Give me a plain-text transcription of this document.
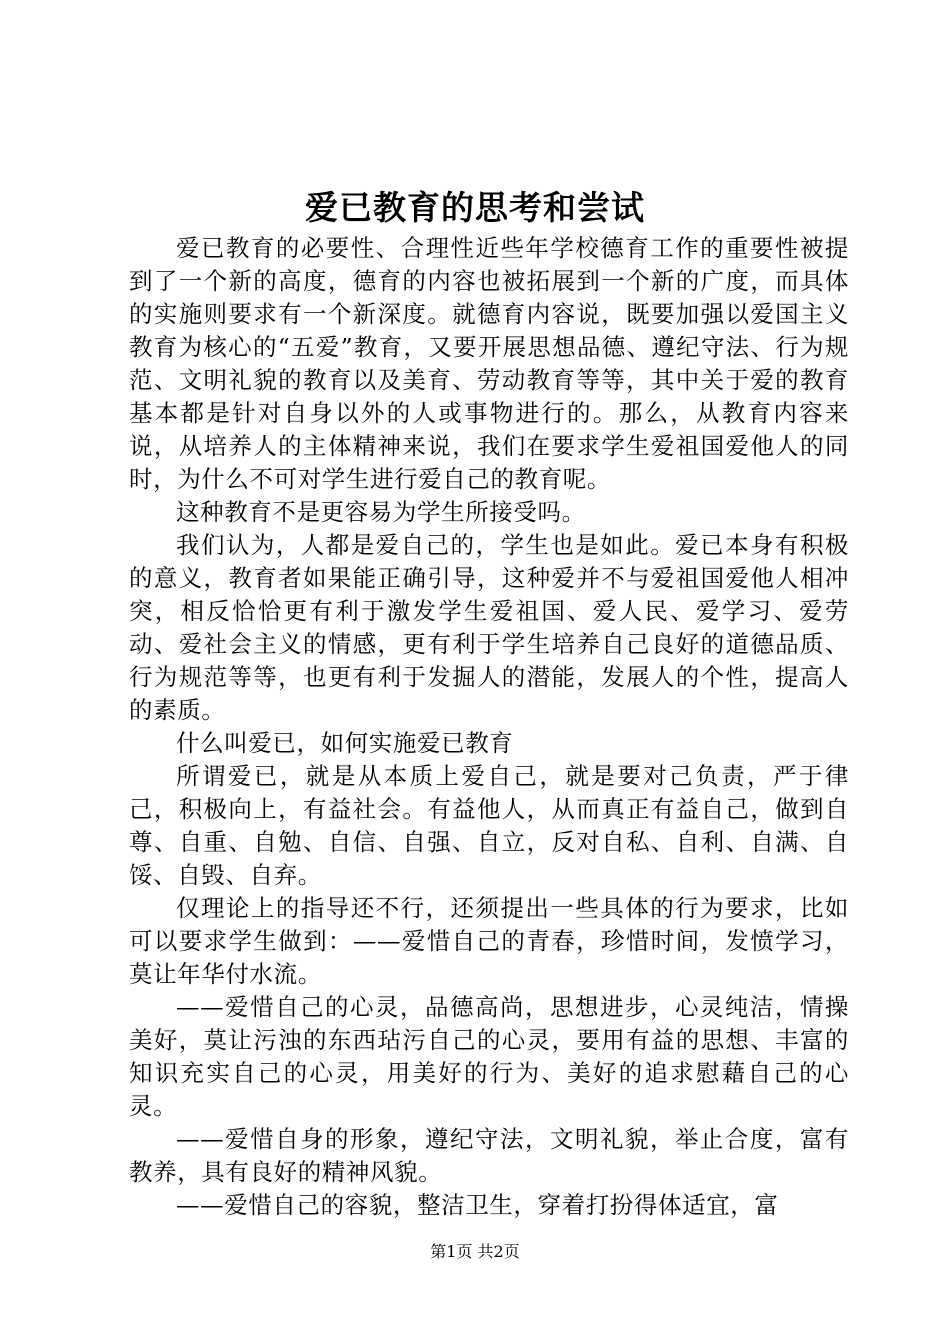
爱已教育的思考和尝试

爱已教育的必要性、合理性近些年学校德育工作的重要性被提到了一个新的高度，德育的内容也被拓展到一个新的广度，而具体的实施则要求有一个新深度。就德育内容说，既要加强以爱国主义教育为核心的“五爱”教育，又要开展思想品德、遵纪守法、行为规范、文明礼貌的教育以及美育、劳动教育等等，其中关于爱的教育基本都是针对自身以外的人或事物进行的。那么，从教育内容来说，从培养人的主体精神来说，我们在要求学生爱祖国爱他人的同时，为什么不可对学生进行爱自己的教育呢。

这种教育不是更容易为学生所接受吗。

我们认为，人都是爱自己的，学生也是如此。爱已本身有积极的意义，教育者如果能正确引导，这种爱并不与爱祖国爱他人相冲突，相反恰恰更有利于激发学生爱祖国、爱人民、爱学习、爱劳动、爱社会主义的情感，更有利于学生培养自己良好的道德品质、行为规范等等，也更有利于发掘人的潜能，发展人的个性，提高人的素质。

什么叫爱已，如何实施爱已教育

所谓爱已，就是从本质上爱自己，就是要对己负责，严于律己，积极向上，有益社会。有益他人，从而真正有益自己，做到自尊、自重、自勉、自信、自强、自立，反对自私、自利、自满、自馁、自毁、自弃。

仅理论上的指导还不行，还须提出一些具体的行为要求，比如可以要求学生做到：——爱惜自己的青春，珍惜时间，发愤学习，莫让年华付水流。

——爱惜自己的心灵，品德高尚，思想进步，心灵纯洁，情操美好，莫让污浊的东西玷污自己的心灵，要用有益的思想、丰富的知识充实自己的心灵，用美好的行为、美好的追求慰藉自己的心灵。

——爱惜自身的形象，遵纪守法，文明礼貌，举止合度，富有教养，具有良好的精神风貌。

——爱惜自己的容貌，整洁卫生，穿着打扮得体适宜，富

第1页 共2页
